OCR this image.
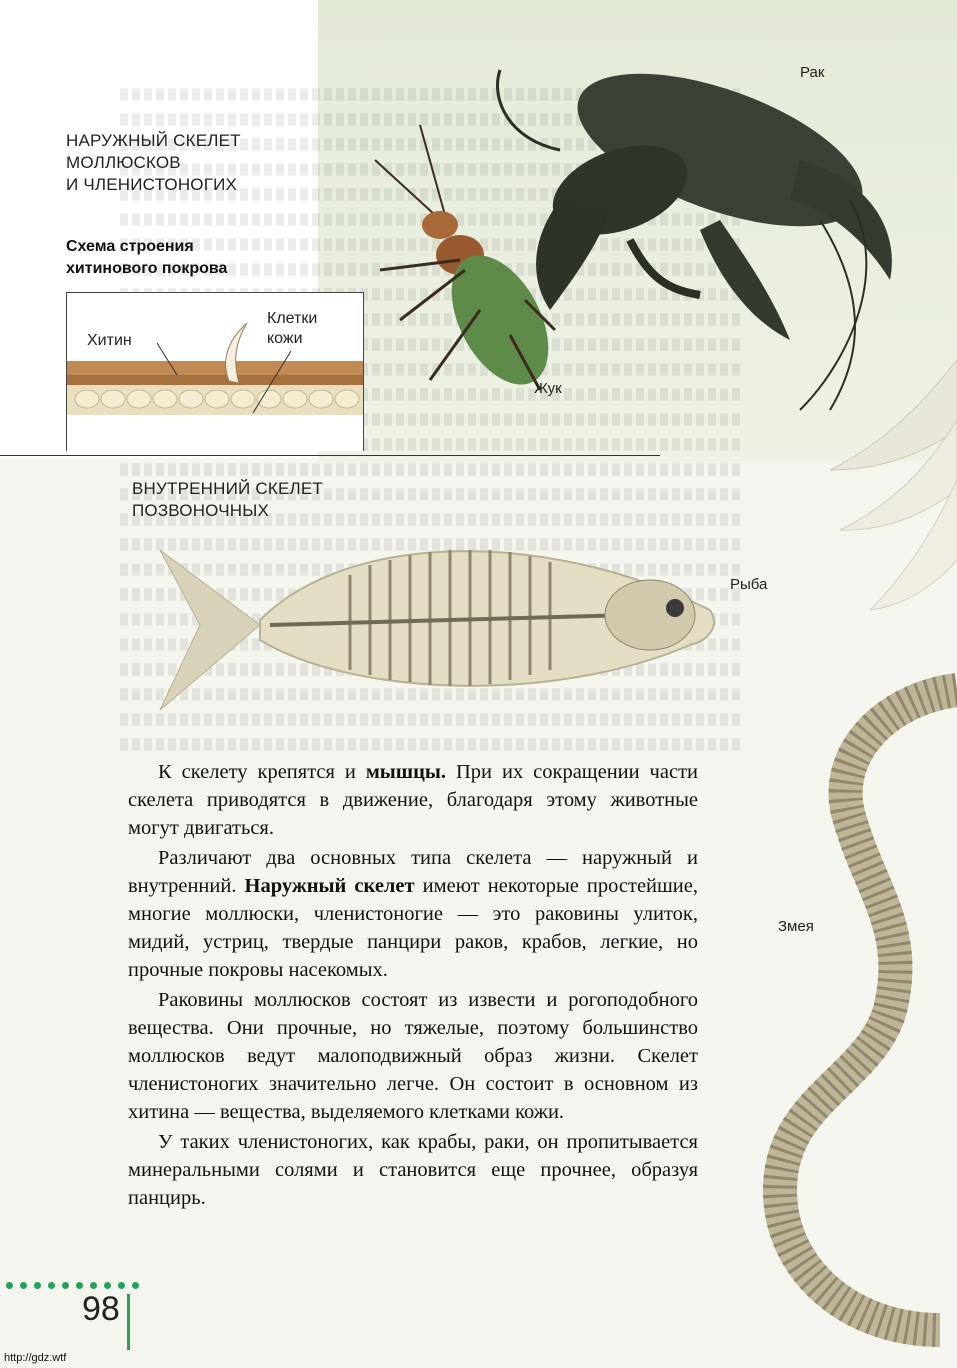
НАРУЖНЫЙ СКЕЛЕТ
МОЛЛЮСКОВ
И ЧЛЕНИСТОНОГИХ
Схема строения
хитинового покрова
Хитин
Клетки
кожи
ВНУТРЕННИЙ СКЕЛЕТ
ПОЗВОНОЧНЫХ
Рак
Жук
Рыба
Змея

К скелету крепятся и мышцы. При их сокращении части скелета приводятся в движение, благодаря этому животные могут двигаться.

Различают два основных типа скелета — наружный и внутренний. Наружный скелет имеют некоторые простейшие, многие моллюски, членистоногие — это раковины улиток, мидий, устриц, твердые панцири раков, крабов, легкие, но прочные покровы насекомых.

Раковины моллюсков состоят из извести и рогоподобного вещества. Они прочные, но тяжелые, поэтому большинство моллюсков ведут малоподвижный образ жизни. Скелет членистоногих значительно легче. Он состоит в основном из хитина — вещества, выделяемого клетками кожи.

У таких членистоногих, как крабы, раки, он пропитывается минеральными солями и становится еще прочнее, образуя панцирь.

98
http://gdz.wtf
